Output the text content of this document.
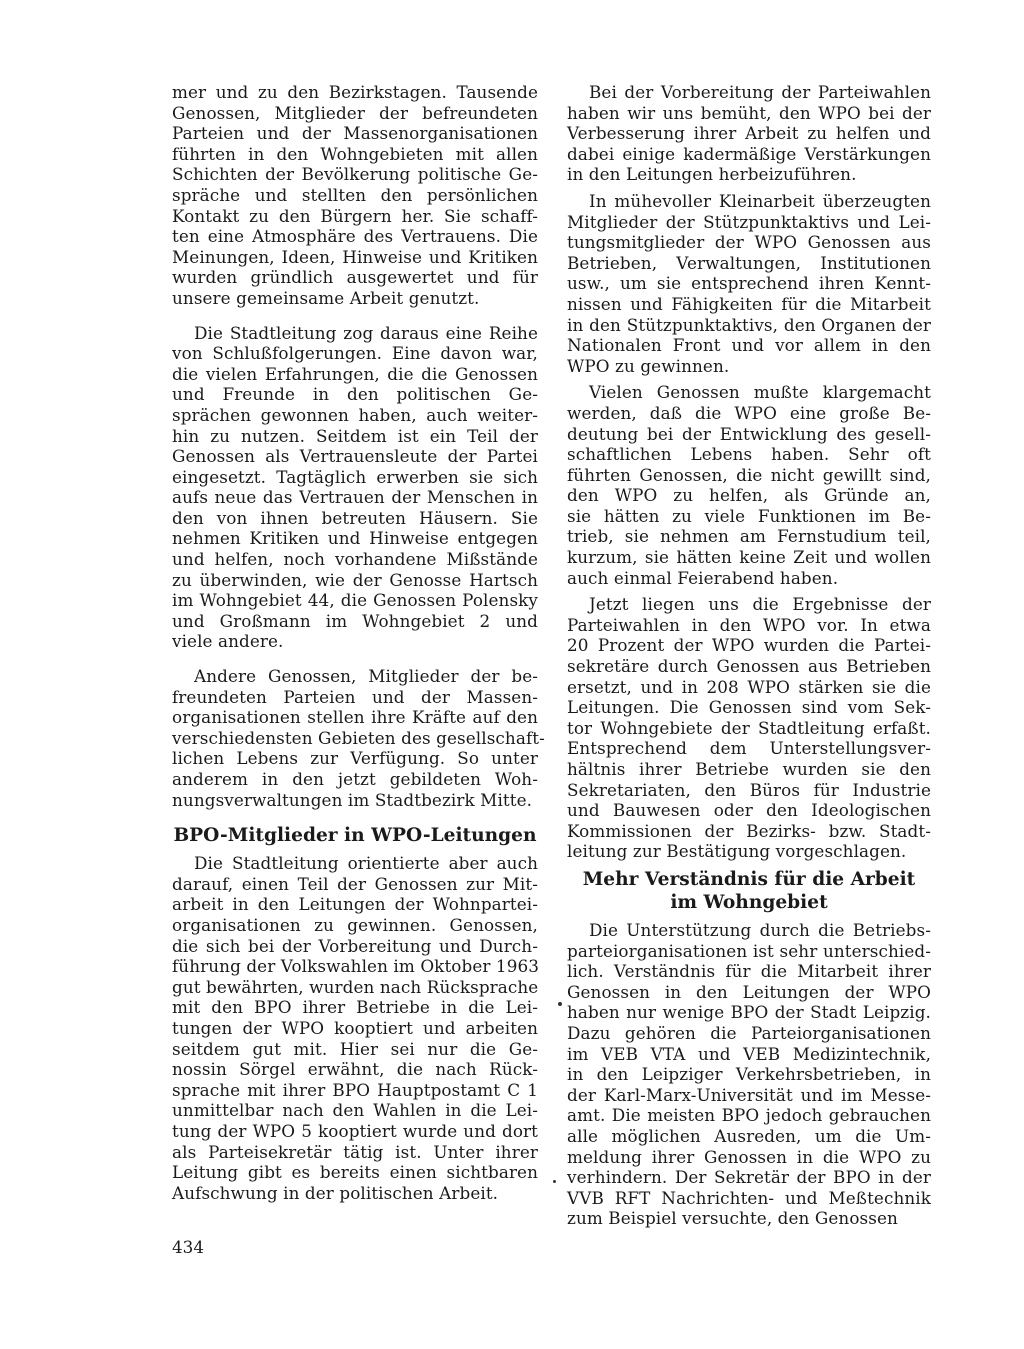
mer und zu den Bezirkstagen. Tausende
Genossen, Mitglieder der befreundeten
Parteien und der Massenorganisationen
führten in den Wohngebieten mit allen
Schichten der Bevölkerung politische Ge-
spräche und stellten den persönlichen
Kontakt zu den Bürgern her. Sie schaff-
ten eine Atmosphäre des Vertrauens. Die
Meinungen, Ideen, Hinweise und Kritiken
wurden gründlich ausgewertet und für
unsere gemeinsame Arbeit genutzt.
Die Stadtleitung zog daraus eine Reihe
von Schlußfolgerungen. Eine davon war,
die vielen Erfahrungen, die die Genossen
und Freunde in den politischen Ge-
sprächen gewonnen haben, auch weiter-
hin zu nutzen. Seitdem ist ein Teil der
Genossen als Vertrauensleute der Partei
eingesetzt. Tagtäglich erwerben sie sich
aufs neue das Vertrauen der Menschen in
den von ihnen betreuten Häusern. Sie
nehmen Kritiken und Hinweise entgegen
und helfen, noch vorhandene Mißstände
zu überwinden, wie der Genosse Hartsch
im Wohngebiet 44, die Genossen Polensky
und Großmann im Wohngebiet 2 und
viele andere.
Andere Genossen, Mitglieder der be-
freundeten Parteien und der Massen-
organisationen stellen ihre Kräfte auf den
verschiedensten Gebieten des gesellschaft-
lichen Lebens zur Verfügung. So unter
anderem in den jetzt gebildeten Woh-
nungsverwaltungen im Stadtbezirk Mitte.
BPO-Mitglieder in WPO-Leitungen
Die Stadtleitung orientierte aber auch
darauf, einen Teil der Genossen zur Mit-
arbeit in den Leitungen der Wohnpartei-
organisationen zu gewinnen. Genossen,
die sich bei der Vorbereitung und Durch-
führung der Volkswahlen im Oktober 1963
gut bewährten, wurden nach Rücksprache
mit den BPO ihrer Betriebe in die Lei-
tungen der WPO kooptiert und arbeiten
seitdem gut mit. Hier sei nur die Ge-
nossin Sörgel erwähnt, die nach Rück-
sprache mit ihrer BPO Hauptpostamt C 1
unmittelbar nach den Wahlen in die Lei-
tung der WPO 5 kooptiert wurde und dort
als Parteisekretär tätig ist. Unter ihrer
Leitung gibt es bereits einen sichtbaren
Aufschwung in der politischen Arbeit.
Bei der Vorbereitung der Parteiwahlen
haben wir uns bemüht, den WPO bei der
Verbesserung ihrer Arbeit zu helfen und
dabei einige kadermäßige Verstärkungen
in den Leitungen herbeizuführen.
In mühevoller Kleinarbeit überzeugten
Mitglieder der Stützpunktaktivs und Lei-
tungsmitglieder der WPO Genossen aus
Betrieben, Verwaltungen, Institutionen
usw., um sie entsprechend ihren Kennt-
nissen und Fähigkeiten für die Mitarbeit
in den Stützpunktaktivs, den Organen der
Nationalen Front und vor allem in den
WPO zu gewinnen.
Vielen Genossen mußte klargemacht
werden, daß die WPO eine große Be-
deutung bei der Entwicklung des gesell-
schaftlichen Lebens haben. Sehr oft
führten Genossen, die nicht gewillt sind,
den WPO zu helfen, als Gründe an,
sie hätten zu viele Funktionen im Be-
trieb, sie nehmen am Fernstudium teil,
kurzum, sie hätten keine Zeit und wollen
auch einmal Feierabend haben.
Jetzt liegen uns die Ergebnisse der
Parteiwahlen in den WPO vor. In etwa
20 Prozent der WPO wurden die Partei-
sekretäre durch Genossen aus Betrieben
ersetzt, und in 208 WPO stärken sie die
Leitungen. Die Genossen sind vom Sek-
tor Wohngebiete der Stadtleitung erfaßt.
Entsprechend dem Unterstellungsver-
hältnis ihrer Betriebe wurden sie den
Sekretariaten, den Büros für Industrie
und Bauwesen oder den Ideologischen
Kommissionen der Bezirks- bzw. Stadt-
leitung zur Bestätigung vorgeschlagen.
Mehr Verständnis für die Arbeit
im Wohngebiet
Die Unterstützung durch die Betriebs-
parteiorganisationen ist sehr unterschied-
lich. Verständnis für die Mitarbeit ihrer
Genossen in den Leitungen der WPO
haben nur wenige BPO der Stadt Leipzig.
Dazu gehören die Parteiorganisationen
im VEB VTA und VEB Medizintechnik,
in den Leipziger Verkehrsbetrieben, in
der Karl-Marx-Universität und im Messe-
amt. Die meisten BPO jedoch gebrauchen
alle möglichen Ausreden, um die Um-
meldung ihrer Genossen in die WPO zu
verhindern. Der Sekretär der BPO in der
VVB RFT Nachrichten- und Meßtechnik
zum Beispiel versuchte, den Genossen
434
